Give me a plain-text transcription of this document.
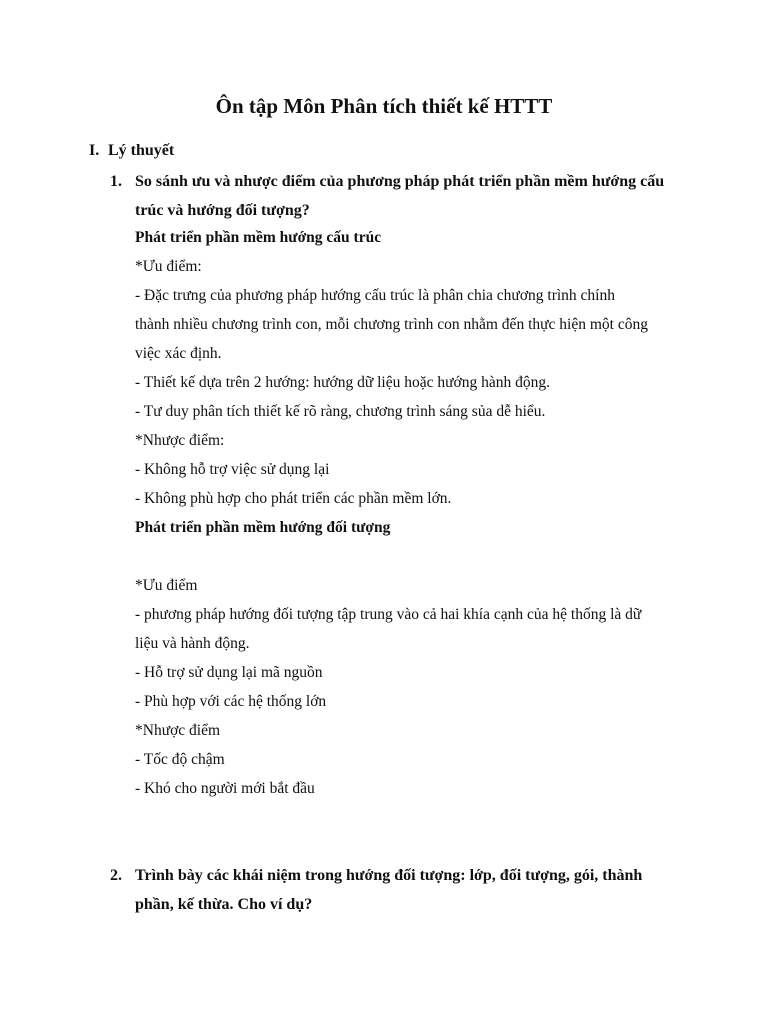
Ôn tập Môn Phân tích thiết kế HTTT
I. Lý thuyết
1. So sánh ưu và nhược điểm của phương pháp phát triển phần mềm hướng cấu
trúc và hướng đối tượng?
Phát triển phần mềm hướng cấu trúc
*Ưu điểm:
- Đặc trưng của phương pháp hướng cấu trúc là phân chia chương trình chính
thành nhiều chương trình con, mỗi chương trình con nhằm đến thực hiện một công
việc xác định.
- Thiết kế dựa trên 2 hướng: hướng dữ liệu hoặc hướng hành động.
- Tư duy phân tích thiết kế rõ ràng, chương trình sáng sủa dễ hiểu.
*Nhược điểm:
- Không hỗ trợ việc sử dụng lại
- Không phù hợp cho phát triển các phần mềm lớn.
Phát triển phần mềm hướng đối tượng
*Ưu điểm
- phương pháp hướng đối tượng tập trung vào cả hai khía cạnh của hệ thống là dữ
liệu và hành động.
- Hỗ trợ sử dụng lại mã nguồn
- Phù hợp với các hệ thống lớn
*Nhược điểm
- Tốc độ chậm
- Khó cho người mới bắt đầu
2. Trình bày các khái niệm trong hướng đối tượng: lớp, đối tượng, gói, thành
phần, kế thừa. Cho ví dụ?
